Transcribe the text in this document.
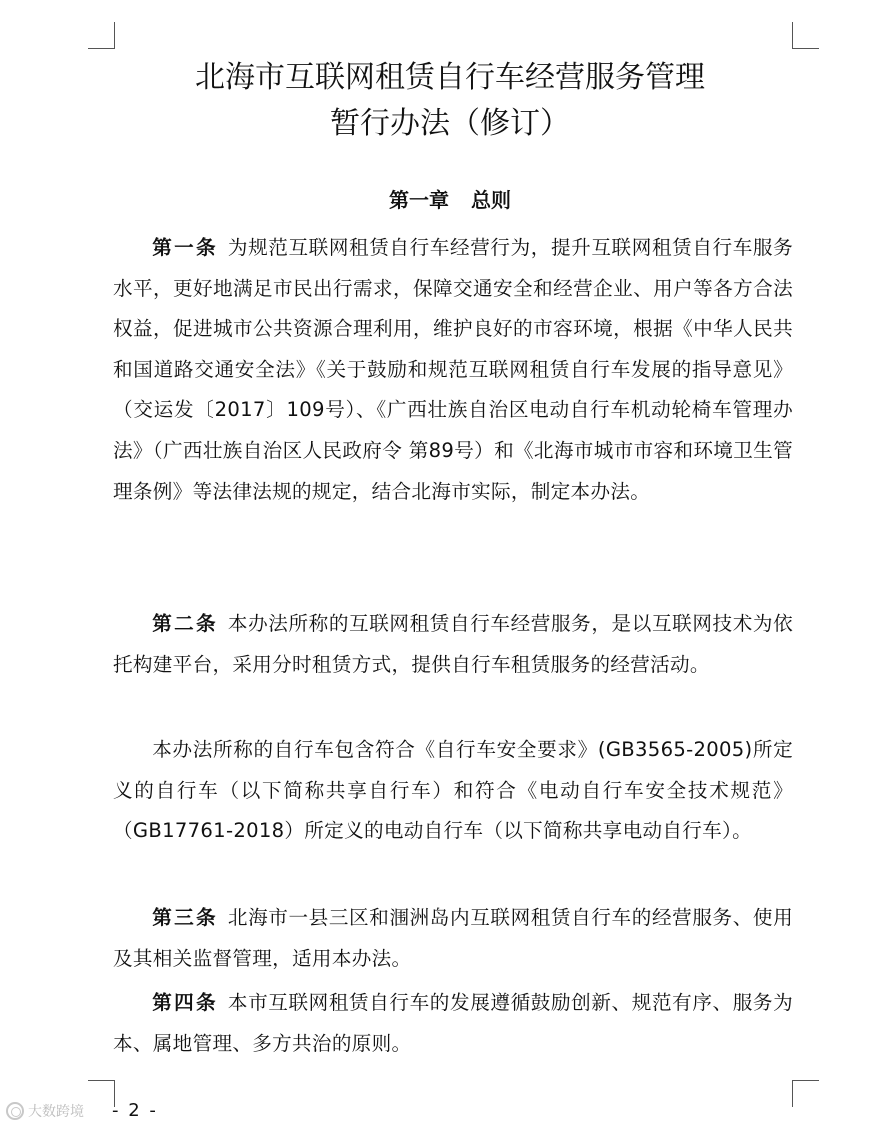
北海市互联网租赁自行车经营服务管理
暂行办法（修订）
第一章 总则

第一条 为规范互联网租赁自行车经营行为，提升互联网租赁自行车服务水平，更好地满足市民出行需求，保障交通安全和经营企业、用户等各方合法权益，促进城市公共资源合理利用，维护良好的市容环境，根据《中华人民共和国道路交通安全法》《关于鼓励和规范互联网租赁自行车发展的指导意见》（交运发〔2017〕109号）、《广西壮族自治区电动自行车机动轮椅车管理办法》（广西壮族自治区人民政府令 第89号）和《北海市城市市容和环境卫生管理条例》等法律法规的规定，结合北海市实际，制定本办法。

第二条 本办法所称的互联网租赁自行车经营服务，是以互联网技术为依托构建平台，采用分时租赁方式，提供自行车租赁服务的经营活动。

本办法所称的自行车包含符合《自行车安全要求》(GB3565-2005)所定义的自行车（以下简称共享自行车）和符合《电动自行车安全技术规范》（GB17761-2018）所定义的电动自行车（以下简称共享电动自行车）。

第三条 北海市一县三区和涠洲岛内互联网租赁自行车的经营服务、使用及其相关监督管理，适用本办法。

第四条 本市互联网租赁自行车的发展遵循鼓励创新、规范有序、服务为本、属地管理、多方共治的原则。

大数跨境 - 2 -
